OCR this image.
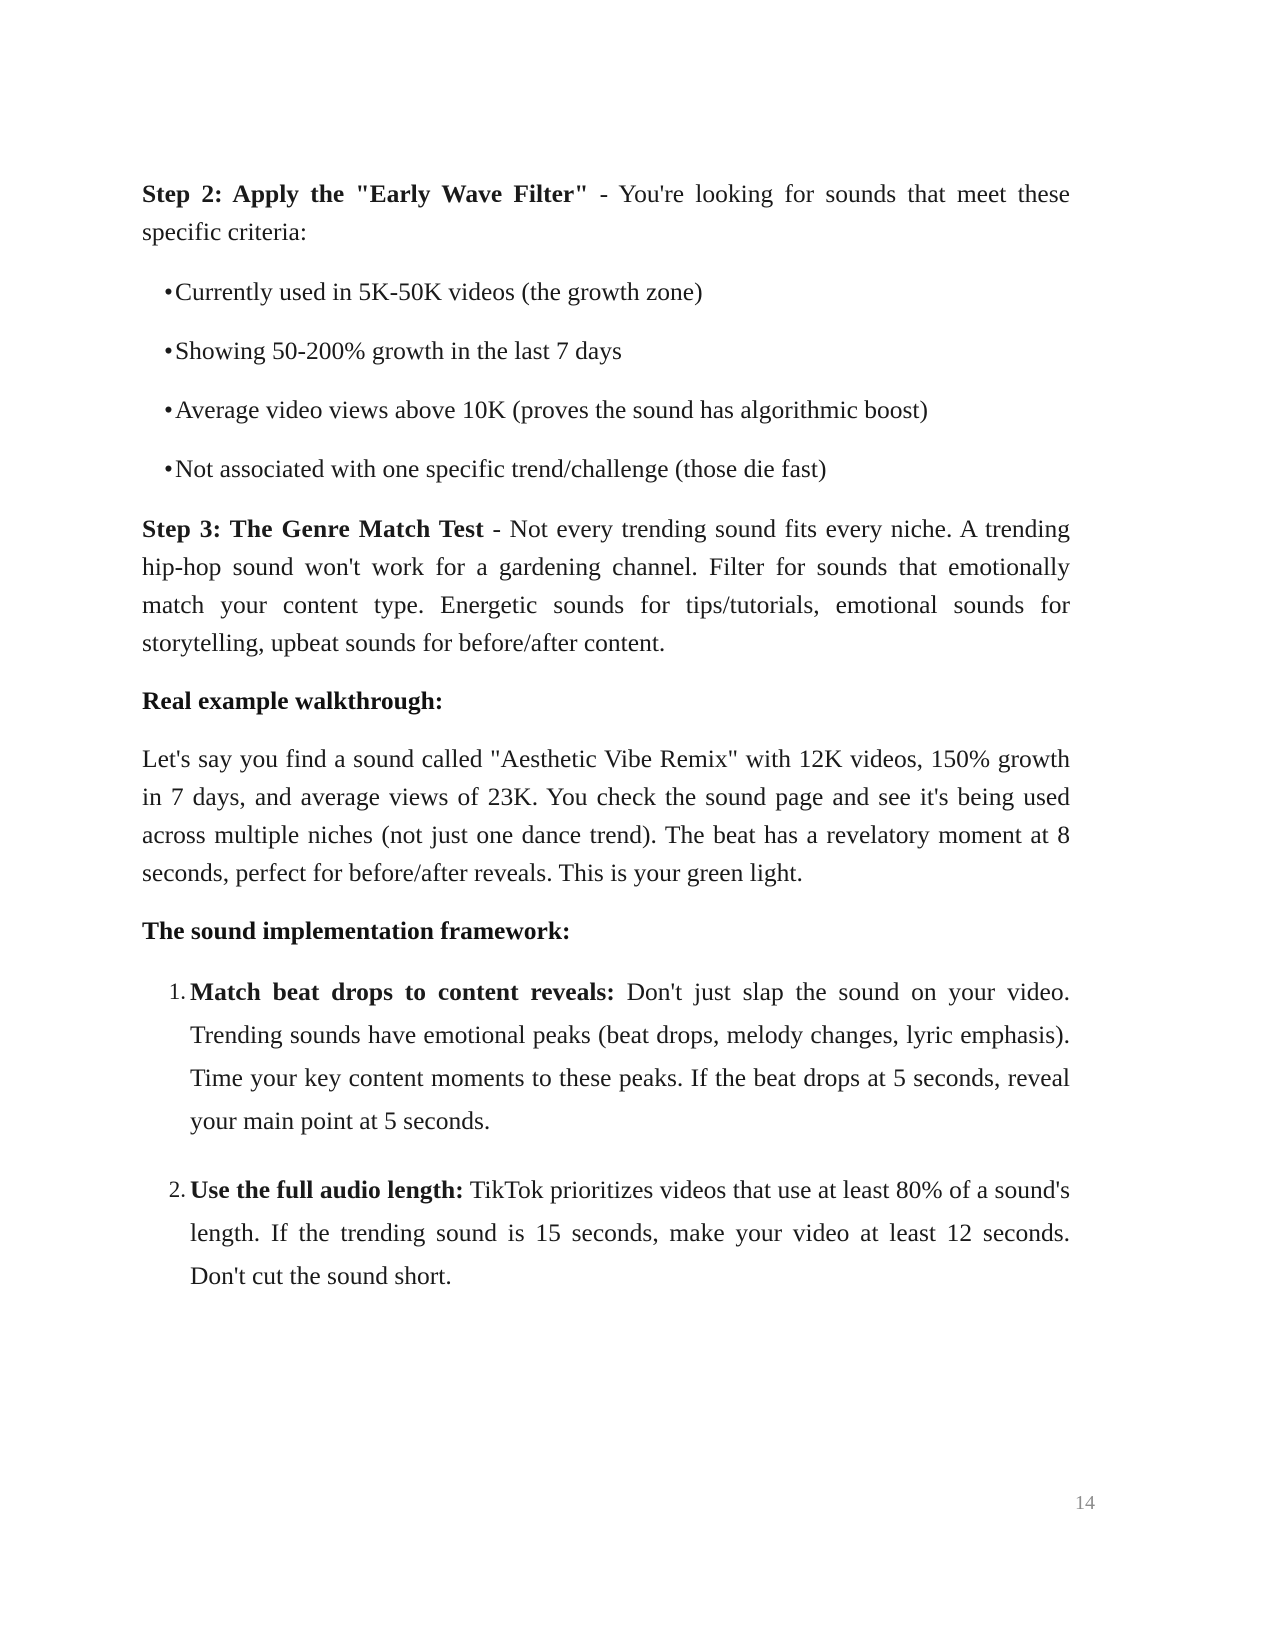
Step 2: Apply the "Early Wave Filter" - You're looking for sounds that meet these specific criteria:

• Currently used in 5K-50K videos (the growth zone)
• Showing 50-200% growth in the last 7 days
• Average video views above 10K (proves the sound has algorithmic boost)
• Not associated with one specific trend/challenge (those die fast)

Step 3: The Genre Match Test - Not every trending sound fits every niche. A trending hip-hop sound won't work for a gardening channel. Filter for sounds that emotionally match your content type. Energetic sounds for tips/tutorials, emotional sounds for storytelling, upbeat sounds for before/after content.

Real example walkthrough:

Let's say you find a sound called "Aesthetic Vibe Remix" with 12K videos, 150% growth in 7 days, and average views of 23K. You check the sound page and see it's being used across multiple niches (not just one dance trend). The beat has a revelatory moment at 8 seconds, perfect for before/after reveals. This is your green light.

The sound implementation framework:
1. Match beat drops to content reveals: Don't just slap the sound on your video. Trending sounds have emotional peaks (beat drops, melody changes, lyric emphasis). Time your key content moments to these peaks. If the beat drops at 5 seconds, reveal your main point at 5 seconds.
2. Use the full audio length: TikTok prioritizes videos that use at least 80% of a sound's length. If the trending sound is 15 seconds, make your video at least 12 seconds. Don't cut the sound short.
14
